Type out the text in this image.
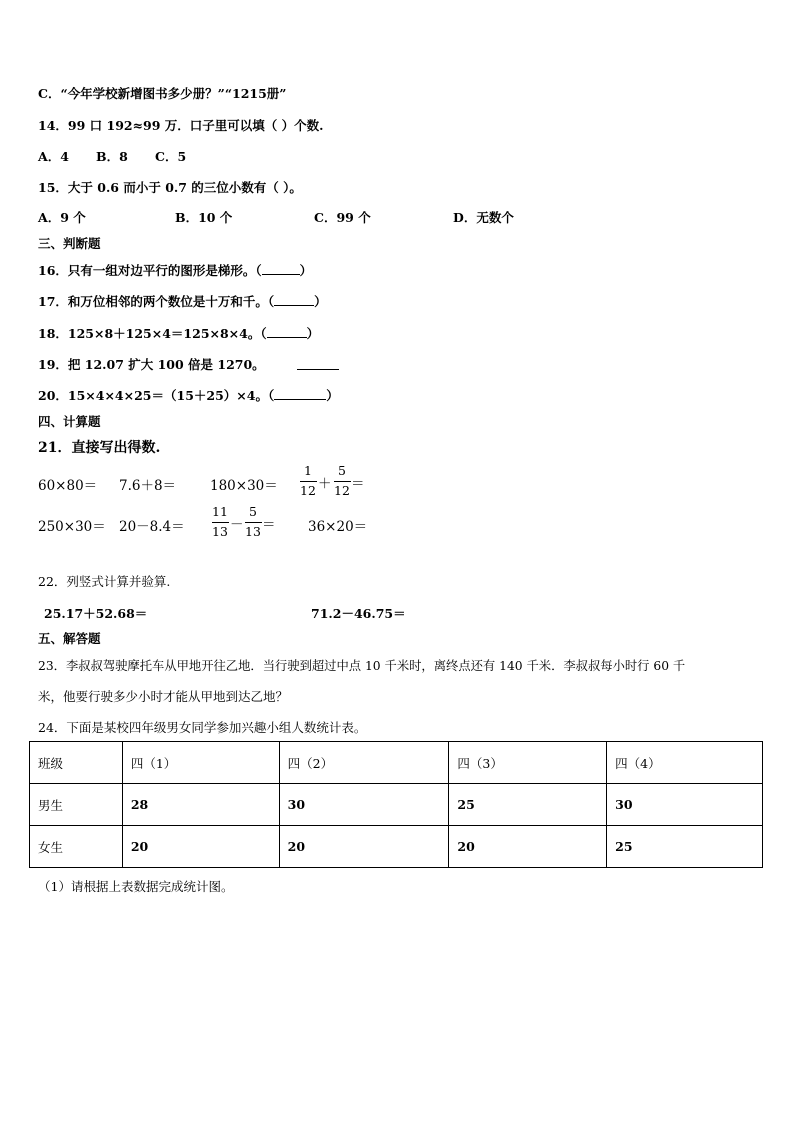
C．“今年学校新增图书多少册？”“1215册”
14．99 口 192≈99 万．口子里可以填（ ）个数.
A．4 B．8 C．5
15．大于 0.6 而小于 0.7 的三位小数有（ ）。
A．9 个	B．10 个	C．99 个	D．无数个
三、判断题
16．只有一组对边平行的图形是梯形。（	）
17．和万位相邻的两个数位是十万和千。（	）
18．125×8＋125×4＝125×8×4。（	）
19．把 12.07 扩大 100 倍是 1270。
20．15×4×4×25＝（15＋25）×4。（	）
四、计算题
21．直接写出得数.
60×80＝ 7.6＋8＝	180×30＝
1
12 ＋
5
12 ＝
250×30＝ 20－8.4＝
11
13 －
5
13 ＝ 36×20＝
22．列竖式计算并验算.
25.17＋52.68＝	71.2－46.75＝
五、解答题
23．李叔叔驾驶摩托车从甲地开往乙地．当行驶到超过中点 10 千米时，离终点还有 140 千米．李叔叔每小时行 60 千
米，他要行驶多少小时才能从甲地到达乙地？
24．下面是某校四年级男女同学参加兴趣小组人数统计表。
班级	四（1）	四（2）	四（3）	四（4）
男生	28	30	25	30
女生	20	20	20	25
（1）请根据上表数据完成统计图。
